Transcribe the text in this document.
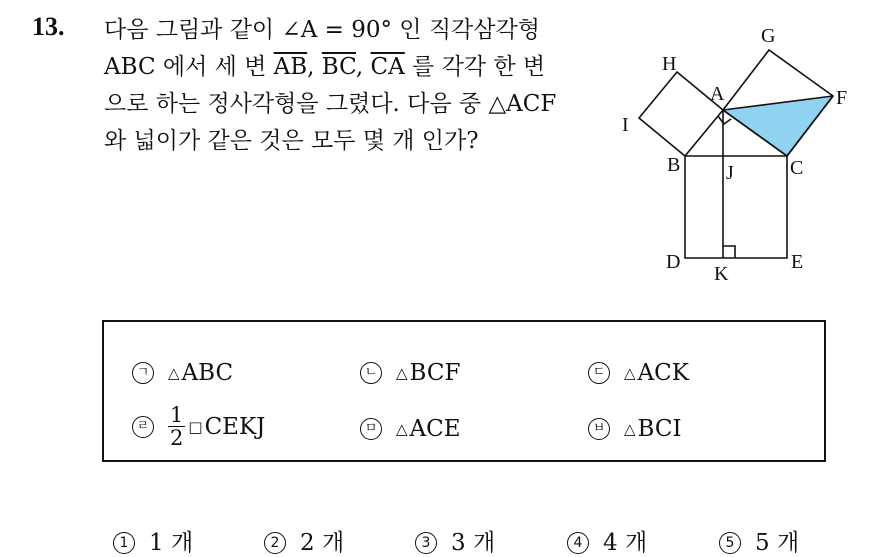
13. 다음 그림과 같이 ∠A = 90° 인 직각삼각형
ABC 에서 세 변 $\overline{AB}$, $\overline{BC}$, $\overline{CA}$ 를 각각 한 변
으로 하는 정사각형을 그렸다. 다음 중 △ACF
와 넓이가 같은 것은 모두 몇 개 인가?
H
G
A	F
I
B J	C
D
K
E
ㄱ	△ ABC	ㄴ	△ BCF	ㄷ	△ ACK
ㄹ $\frac{1}{2}$ □ CEKJ	ㅁ	△ ACE	ㅂ	△ BCI
1 1 개	2 2 개	3 3 개	4 4 개	5 5 개
